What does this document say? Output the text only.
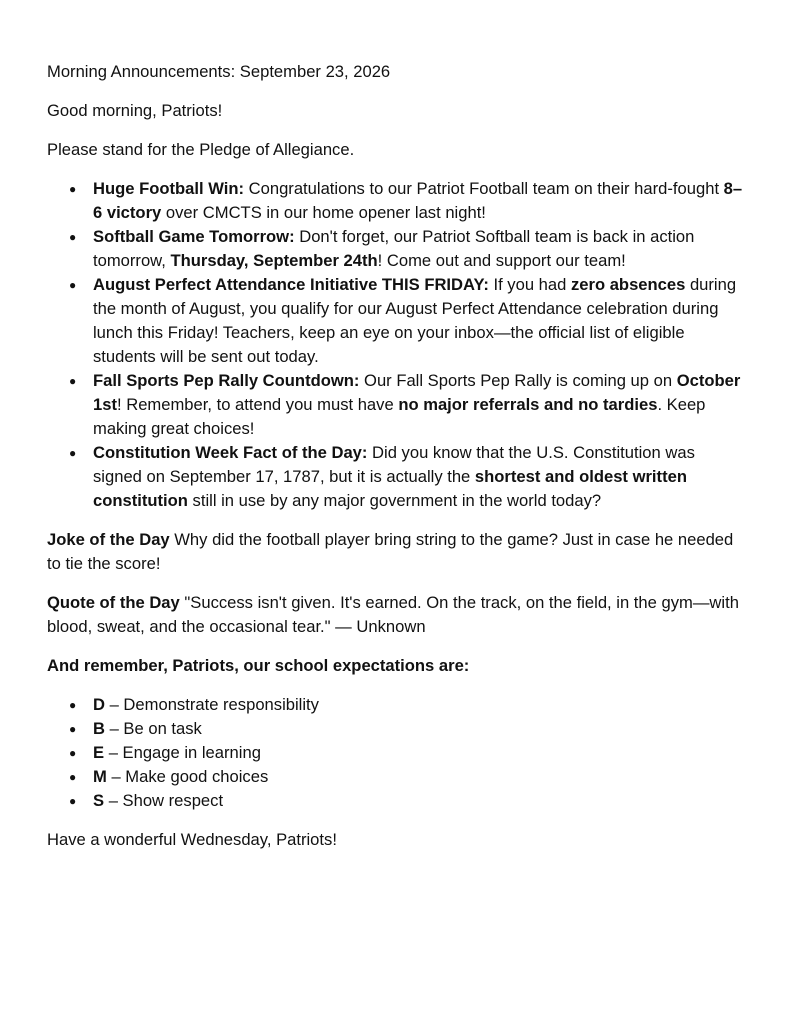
Morning Announcements: September 23, 2026

Good morning, Patriots!

Please stand for the Pledge of Allegiance.

● Huge Football Win: Congratulations to our Patriot Football team on their hard-fought 8–6 victory over CMCTS in our home opener last night!
● Softball Game Tomorrow: Don't forget, our Patriot Softball team is back in action tomorrow, Thursday, September 24th! Come out and support our team!
● August Perfect Attendance Initiative THIS FRIDAY: If you had zero absences during the month of August, you qualify for our August Perfect Attendance celebration during lunch this Friday! Teachers, keep an eye on your inbox—the official list of eligible students will be sent out today.
● Fall Sports Pep Rally Countdown: Our Fall Sports Pep Rally is coming up on October 1st! Remember, to attend you must have no major referrals and no tardies. Keep making great choices!
● Constitution Week Fact of the Day: Did you know that the U.S. Constitution was signed on September 17, 1787, but it is actually the shortest and oldest written constitution still in use by any major government in the world today?

Joke of the Day Why did the football player bring string to the game? Just in case he needed to tie the score!

Quote of the Day "Success isn't given. It's earned. On the track, on the field, in the gym—with blood, sweat, and the occasional tear." — Unknown

And remember, Patriots, our school expectations are:

● D – Demonstrate responsibility
● B – Be on task
● E – Engage in learning
● M – Make good choices
● S – Show respect

Have a wonderful Wednesday, Patriots!
